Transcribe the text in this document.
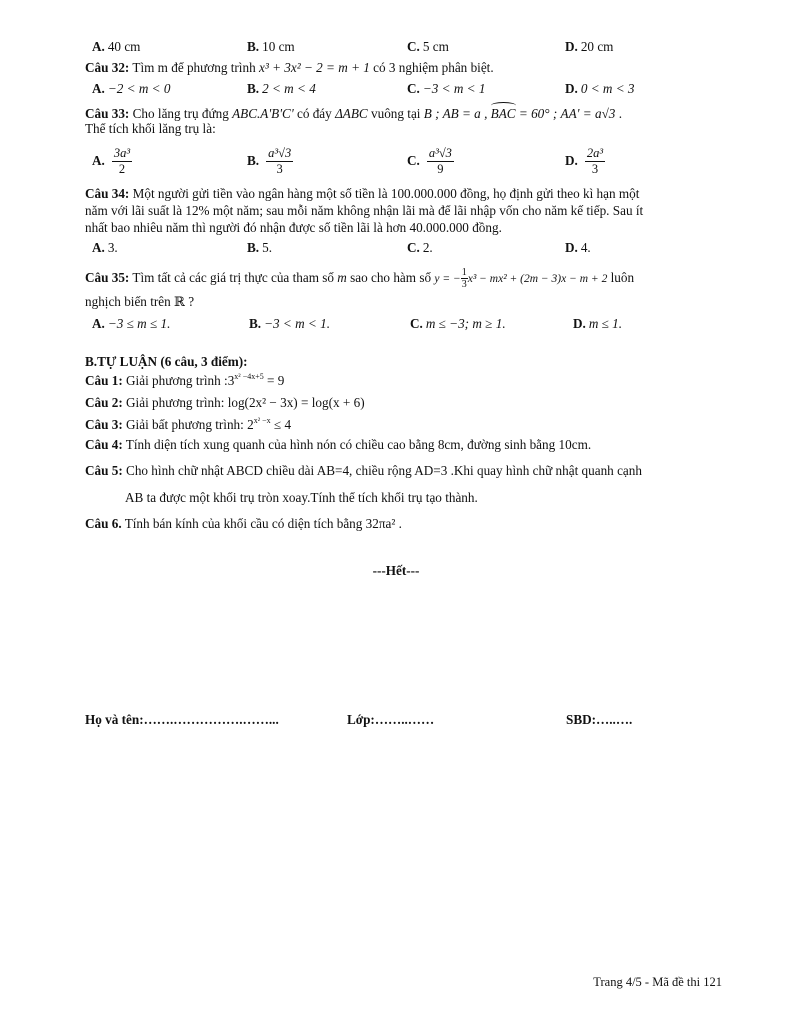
A. 40 cm	B. 10 cm	C. 5 cm	D. 20 cm
Câu 32: Tìm m để phương trình x³ + 3x² − 2 = m + 1 có 3 nghiệm phân biệt.
A. −2 < m < 0	B. 2 < m < 4	C. −3 < m < 1	D. 0 < m < 3
Câu 33: Cho lăng trụ đứng ABC.A'B'C' có đáy ΔABC vuông tại B ; AB = a , BAC = 60° ; AA' = a√3 .
Thể tích khối lăng trụ là:
A. $\frac{\text{3a³}}{2}$	B. $\frac{\text{a³√3}}{3}$	C. $\frac{\text{a³√3}}{9}$	D. $\frac{\text{2a³}}{3}$
Câu 34: Một người gửi tiền vào ngân hàng một số tiền là 100.000.000 đồng, họ định gửi theo kì hạn một
năm với lãi suất là 12% một năm; sau mỗi năm không nhận lãi mà để lãi nhập vốn cho năm kế tiếp. Sau ít
nhất bao nhiêu năm thì người đó nhận được số tiền lãi là hơn 40.000.000 đồng.
A. 3.	B. 5.	C. 2.	D. 4.
Câu 35: Tìm tất cả các giá trị thực của tham số m sao cho hàm số y = − $\frac{1}{3} x^3 - mx^2 + (2m - 3)x - m + 2$ luôn
nghịch biến trên ℝ ?
A. −3 ≤ m ≤ 1.	B. −3 < m < 1.	C. m ≤ −3; m ≥ 1.	D. m ≤ 1.
B.TỰ LUẬN (6 câu, 3 điểm):
Câu 1: Giải phương trình $:3^{x^2 -4x+5} = 9$
Câu 2: Giải phương trình: log(2x² − 3x) = log(x + 6)
Câu 3: Giải bất phương trình: $2^{x^2 -x} \le 4$
Câu 4: Tính diện tích xung quanh của hình nón có chiều cao bằng 8cm, đường sinh bằng 10cm.
Câu 5: Cho hình chữ nhật ABCD chiều dài AB=4, chiều rộng AD=3 .Khi quay hình chữ nhật quanh cạnh
AB ta được một khối trụ tròn xoay.Tính thể tích khối trụ tạo thành.
Câu 6. Tính bán kính của khối cầu có diện tích bằng 32πa² .
---Hết---
Họ và tên:…….…………….……...	Lớp:……..……	SBD:…..….
Trang 4/5 - Mã đề thi 121
